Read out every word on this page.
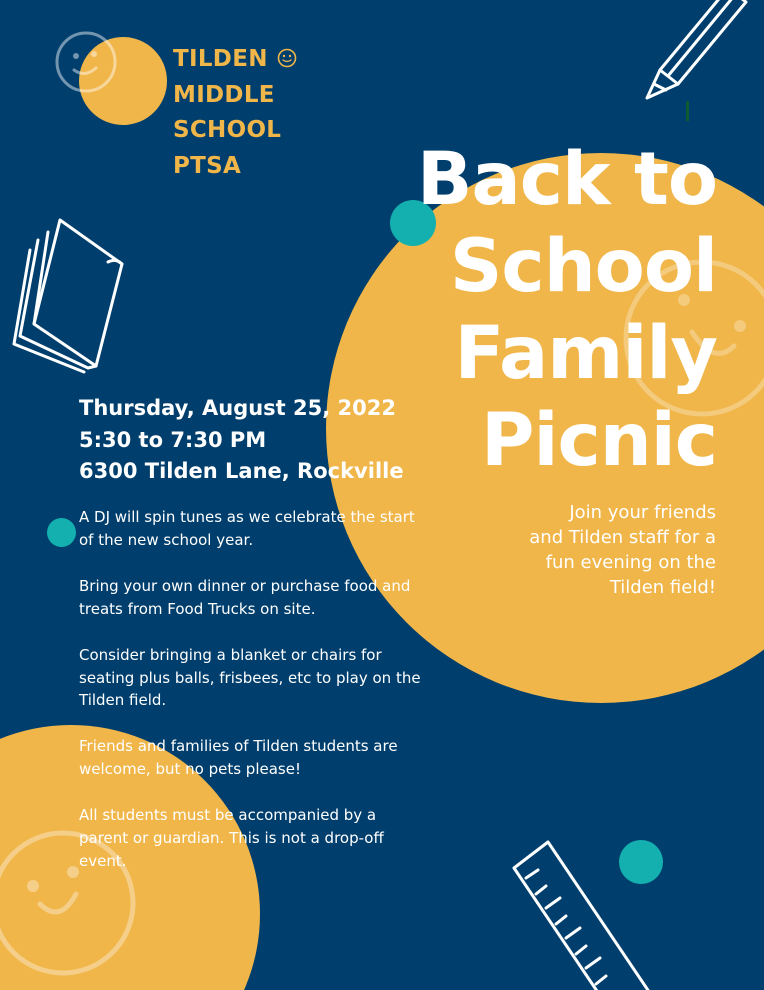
TILDEN
MIDDLE
SCHOOL
PTSA	Back to
School
Family
Picnic
Join your friends
and Tilden staff for a
fun evening on the
Tilden field!
Thursday, August 25, 2022
5:30 to 7:30 PM
6300 Tilden Lane, Rockville

A DJ will spin tunes as we celebrate the start of the new school year.

Bring your own dinner or purchase food and treats from Food Trucks on site.

Consider bringing a blanket or chairs for seating plus balls, frisbees, etc to play on the Tilden field.

Friends and families of Tilden students are welcome, but no pets please!

All students must be accompanied by a parent or guardian. This is not a drop-off event.
